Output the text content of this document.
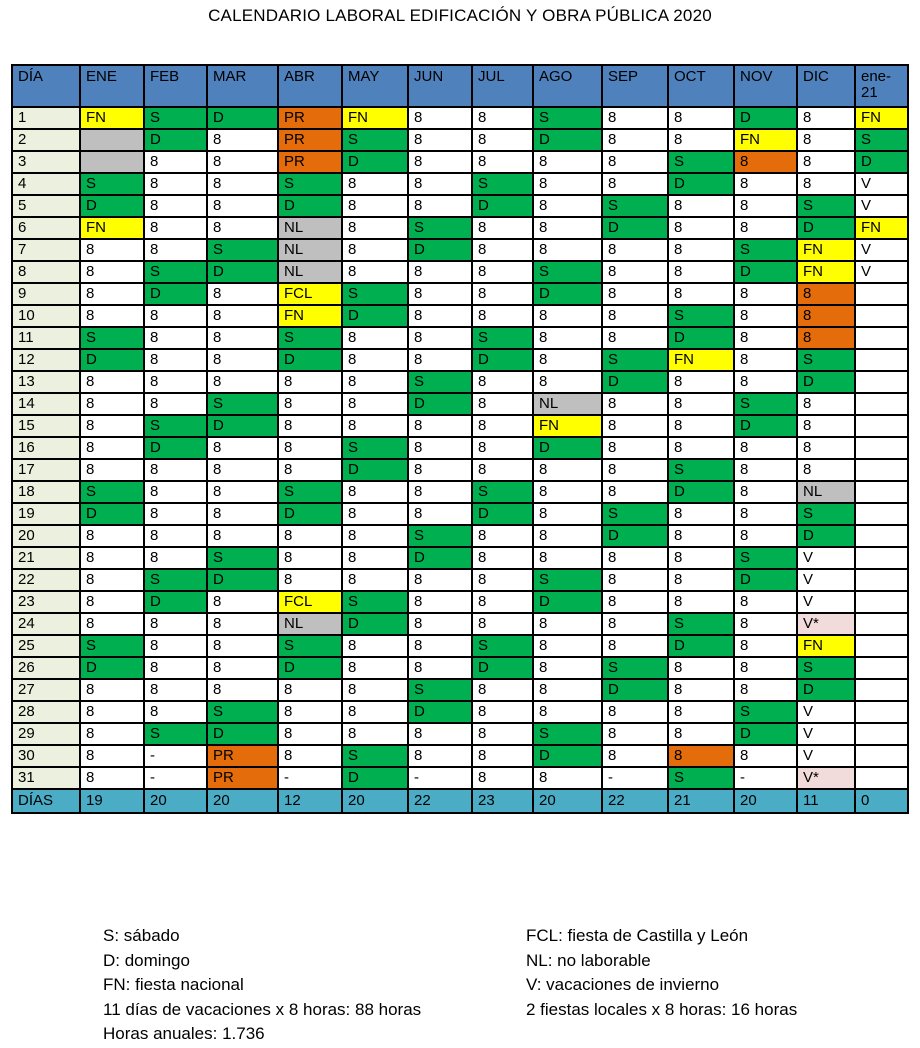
CALENDARIO LABORAL EDIFICACIÓN Y OBRA PÚBLICA 2020
DÍA	ENE	FEB	MAR	ABR	MAY	JUN	JUL	AGO	SEP	OCT	NOV	DIC	ene-21
1	FN	S	D	PR	FN	8	8	S	8	8	D	8	FN
2		D	8	PR	S	8	8	D	8	8	FN	8	S
3		8	8	PR	D	8	8	8	8	S	8	8	D
4	S	8	8	S	8	8	S	8	8	D	8	8	V
5	D	8	8	D	8	8	D	8	S	8	8	S	V
6	FN	8	8	NL	8	S	8	8	D	8	8	D	FN
7	8	8	S	NL	8	D	8	8	8	8	S	FN	V
8	8	S	D	NL	8	8	8	S	8	8	D	FN	V
9	8	D	8	FCL	S	8	8	D	8	8	8	8	
10	8	8	8	FN	D	8	8	8	8	S	8	8	
11	S	8	8	S	8	8	S	8	8	D	8	8	
12	D	8	8	D	8	8	D	8	S	FN	8	S	
13	8	8	8	8	8	S	8	8	D	8	8	D	
14	8	8	S	8	8	D	8	NL	8	8	S	8	
15	8	S	D	8	8	8	8	FN	8	8	D	8	
16	8	D	8	8	S	8	8	D	8	8	8	8	
17	8	8	8	8	D	8	8	8	8	S	8	8	
18	S	8	8	S	8	8	S	8	8	D	8	NL	
19	D	8	8	D	8	8	D	8	S	8	8	S	
20	8	8	8	8	8	S	8	8	D	8	8	D	
21	8	8	S	8	8	D	8	8	8	8	S	V	
22	8	S	D	8	8	8	8	S	8	8	D	V	
23	8	D	8	FCL	S	8	8	D	8	8	8	V	
24	8	8	8	NL	D	8	8	8	8	S	8	V*	
25	S	8	8	S	8	8	S	8	8	D	8	FN	
26	D	8	8	D	8	8	D	8	S	8	8	S	
27	8	8	8	8	8	S	8	8	D	8	8	D	
28	8	8	S	8	8	D	8	8	8	8	S	V	
29	8	S	D	8	8	8	8	S	8	8	D	V	
30	8	-	PR	8	S	8	8	D	8	8	8	V	
31	8	-	PR	-	D	-	8	8	-	S	-	V*	
DÍAS	19	20	20	12	20	22	23	20	22	21	20	11	0
S: sábado
D: domingo
FN: fiesta nacional
11 días de vacaciones x 8 horas: 88 horas
Horas anuales: 1.736
FCL: fiesta de Castilla y León
NL: no laborable
V: vacaciones de invierno
2 fiestas locales x 8 horas: 16 horas
